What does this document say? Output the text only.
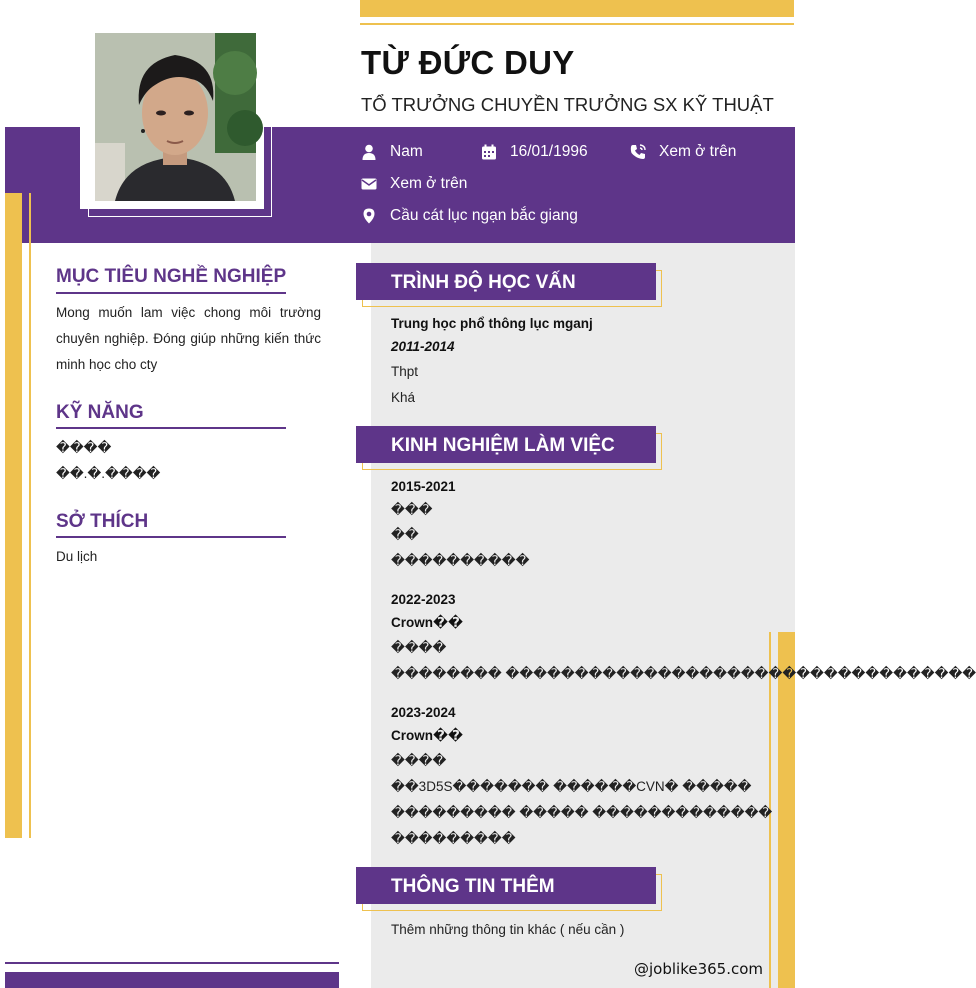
TỪ ĐỨC DUY
TỔ TRƯỞNG CHUYỀN TRƯỞNG SX KỸ THUẬT
Nam	16/01/1996	Xem ở trên
Xem ở trên
Cầu cát lục ngạn bắc giang
MỤC TIÊU NGHỀ NGHIỆP
Mong muốn lam việc chong môi trường chuyên nghiệp. Đóng giúp những kiến thức minh học cho cty
KỸ NĂNG
����
��.�.����
SỞ THÍCH
Du lịch
TRÌNH ĐỘ HỌC VẤN
Trung học phổ thông lục mganj
2011-2014
Thpt
Khá
KINH NGHIỆM LÀM VIỆC
2015-2021
���
��
����������
2022-2023
Crown��
����
�������� ����������������������������������
2023-2024
Crown��
����
��3D5S������� ������CVN� �����
��������� ����� �������������
���������
THÔNG TIN THÊM
Thêm những thông tin khác ( nếu cần )
@joblike365.com
